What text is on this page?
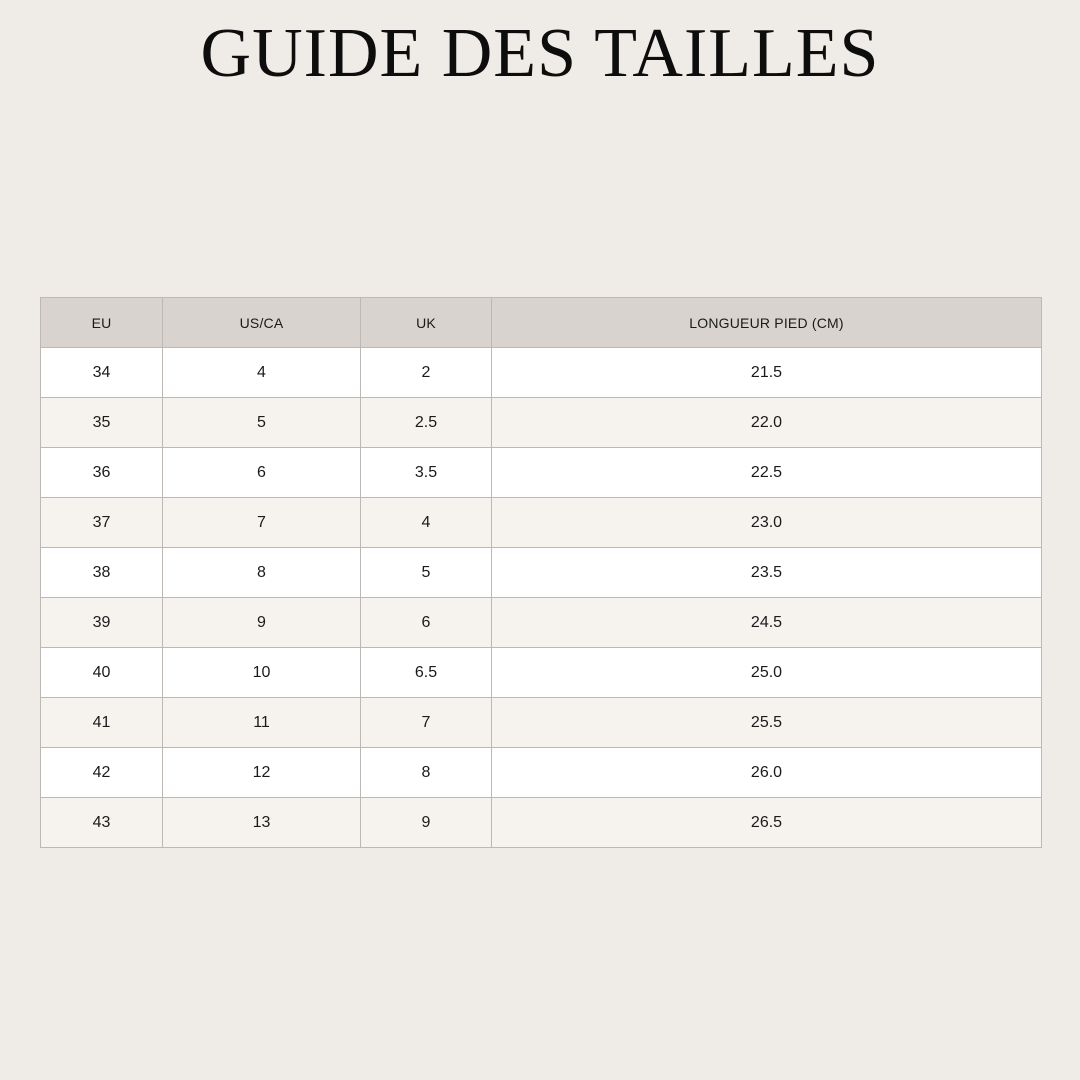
GUIDE DES TAILLES
EU	US/CA	UK	LONGUEUR PIED (CM)
34	4	2	21.5
35	5	2.5	22.0
36	6	3.5	22.5
37	7	4	23.0
38	8	5	23.5
39	9	6	24.5
40	10	6.5	25.0
41	11	7	25.5
42	12	8	26.0
43	13	9	26.5
